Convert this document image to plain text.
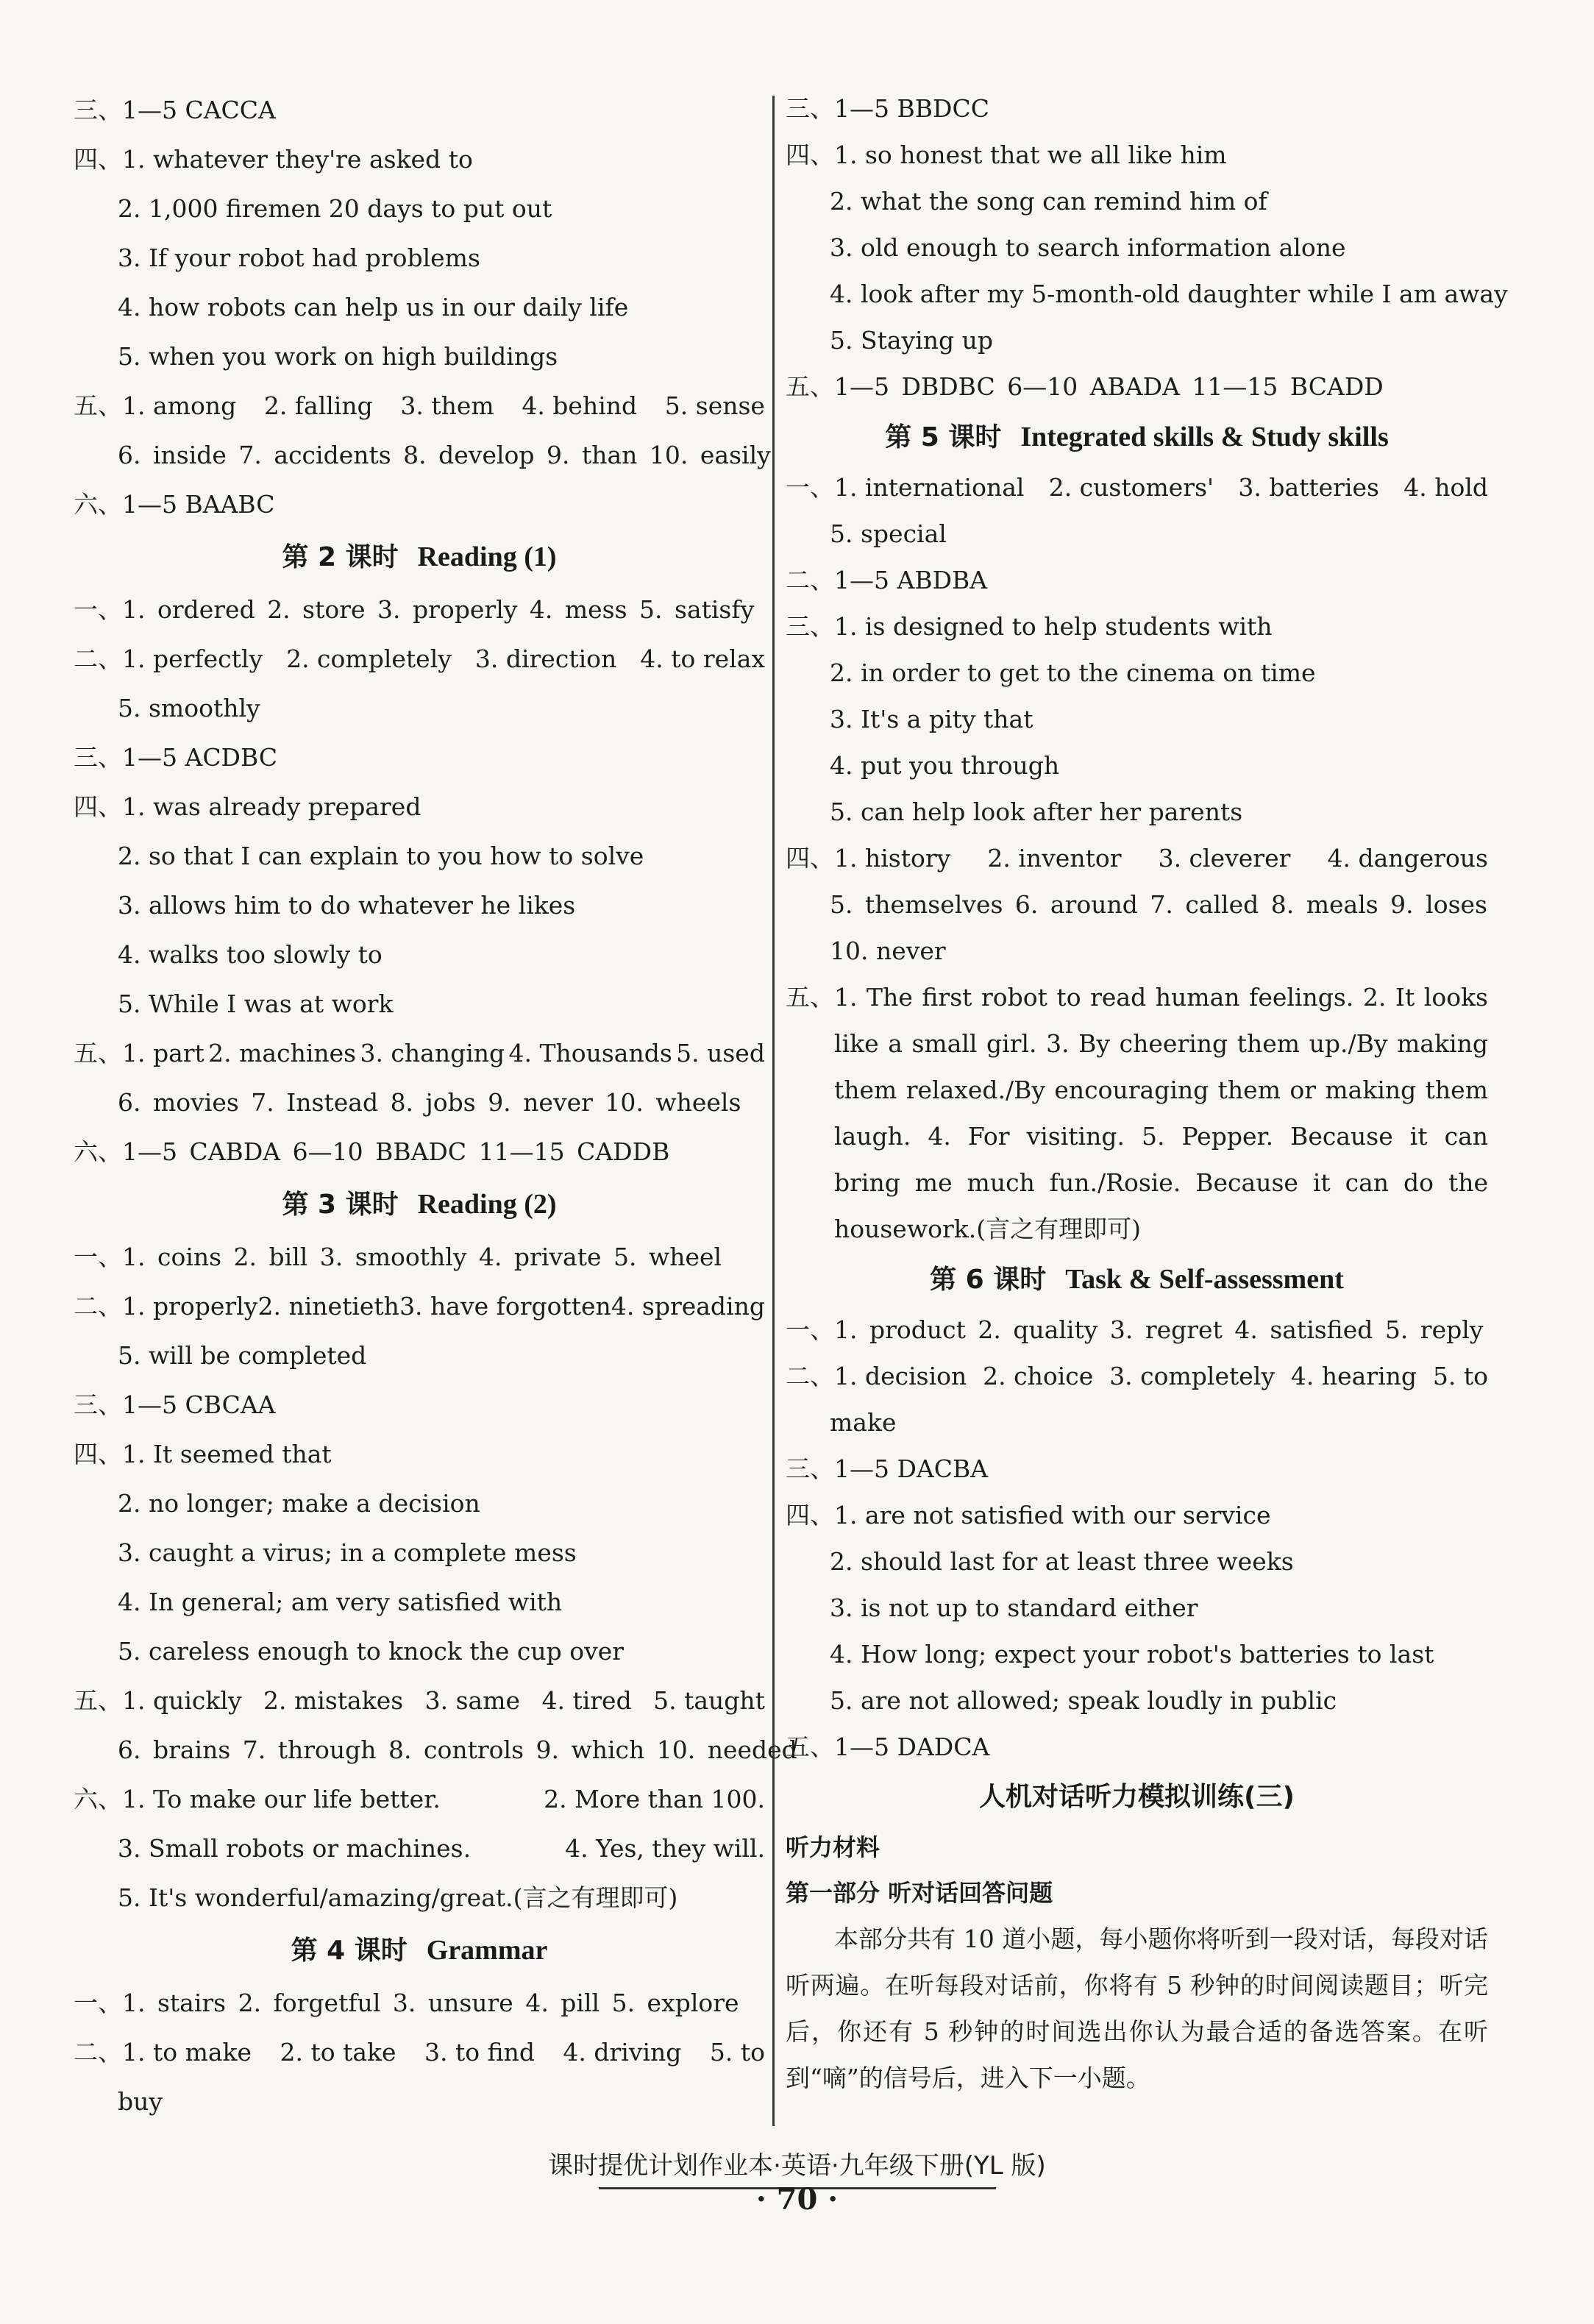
三、1—5 CACCA
四、1. whatever they're asked to
2. 1,000 firemen 20 days to put out
3. If your robot had problems
4. how robots can help us in our daily life
5. when you work on high buildings
五、1. among 2. falling 3. them 4. behind 5. sense
6. inside 7. accidents 8. develop 9. than 10. easily
六、1—5 BAABC
第 2 课时 Reading (1)
一、1. ordered 2. store 3. properly 4. mess 5. satisfy
二、1. perfectly 2. completely 3. direction 4. to relax
5. smoothly
三、1—5 ACDBC
四、1. was already prepared
2. so that I can explain to you how to solve
3. allows him to do whatever he likes
4. walks too slowly to
5. While I was at work
五、1. part 2. machines 3. changing 4. Thousands 5. used
6. movies 7. Instead 8. jobs 9. never 10. wheels
六、1—5 CABDA 6—10 BBADC 11—15 CADDB
第 3 课时 Reading (2)
一、1. coins 2. bill 3. smoothly 4. private 5. wheel
二、1. properly 2. ninetieth 3. have forgotten 4. spreading
5. will be completed
三、1—5 CBCAA
四、1. It seemed that
2. no longer; make a decision
3. caught a virus; in a complete mess
4. In general; am very satisfied with
5. careless enough to knock the cup over
五、1. quickly 2. mistakes 3. same 4. tired 5. taught
6. brains 7. through 8. controls 9. which 10. needed
六、1. To make our life better.	2. More than 100.
3. Small robots or machines.	4. Yes, they will.
5. It's wonderful/amazing/great.(言之有理即可)
第 4 课时 Grammar
一、1. stairs 2. forgetful 3. unsure 4. pill 5. explore
二、1. to make 2. to take 3. to find 4. driving 5. to
buy
三、1—5 BBDCC
四、1. so honest that we all like him
2. what the song can remind him of
3. old enough to search information alone
4. look after my 5-month-old daughter while I am away
5. Staying up
五、1—5 DBDBC 6—10 ABADA 11—15 BCADD
第 5 课时 Integrated skills & Study skills
一、1. international 2. customers' 3. batteries 4. hold
5. special
二、1—5 ABDBA
三、1. is designed to help students with
2. in order to get to the cinema on time
3. It's a pity that
4. put you through
5. can help look after her parents
四、1. history 2. inventor 3. cleverer 4. dangerous
5. themselves 6. around 7. called 8. meals 9. loses
10. never
五、 1. The first robot to read human feelings. 2. It looks like a small girl. 3. By cheering them up./By making them relaxed./By encouraging them or making them laugh. 4. For visiting. 5. Pepper. Because it can bring me much fun./Rosie. Because it can do the housework.(言之有理即可)
第 6 课时 Task & Self-assessment
一、1. product 2. quality 3. regret 4. satisfied 5. reply
二、1. decision 2. choice 3. completely 4. hearing 5. to
make
三、1—5 DACBA
四、1. are not satisfied with our service
2. should last for at least three weeks
3. is not up to standard either
4. How long; expect your robot's batteries to last
5. are not allowed; speak loudly in public
五、1—5 DADCA
人机对话听力模拟训练(三)
听力材料
第一部分 听对话回答问题
本部分共有 10 道小题，每小题你将听到一段对话，每段对话听两遍。在听每段对话前，你将有 5 秒钟的时间阅读题目；听完后，你还有 5 秒钟的时间选出你认为最合适的备选答案。在听到“嘀”的信号后，进入下一小题。
课时提优计划作业本·英语·九年级下册(YL 版)
· 70 ·
